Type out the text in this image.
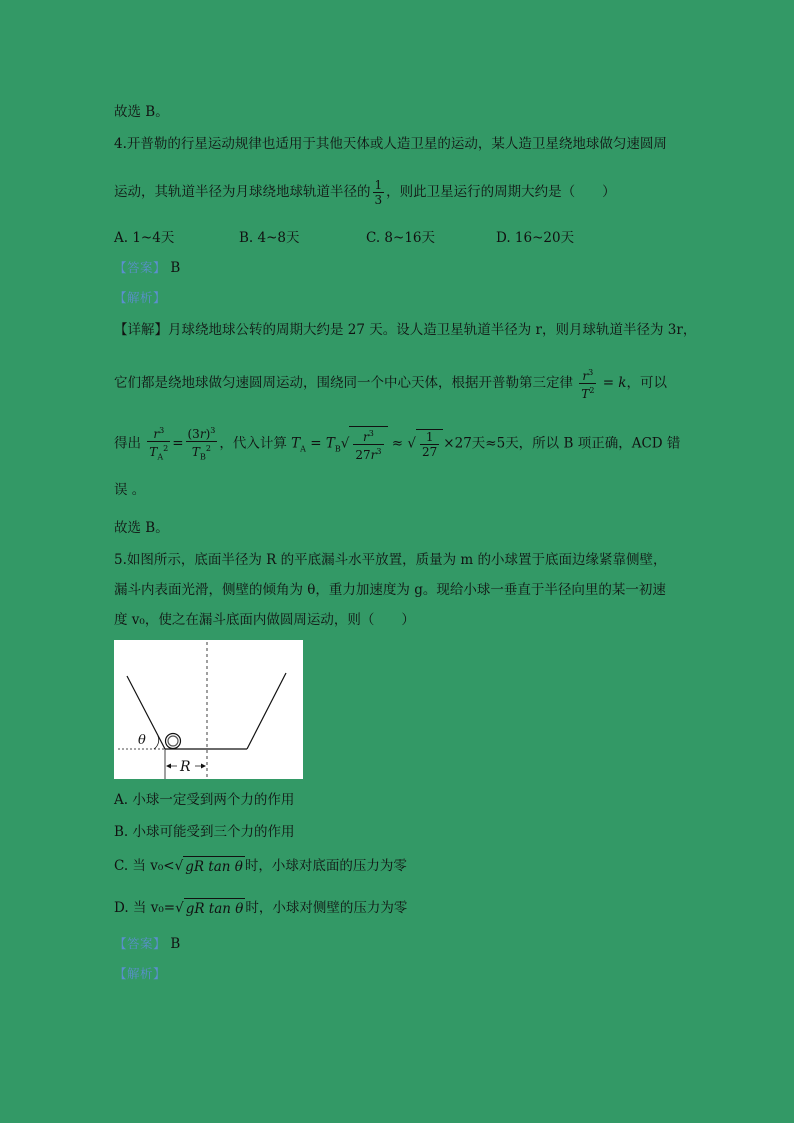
故选 B。
4.开普勒的行星运动规律也适用于其他天体或人造卫星的运动，某人造卫星绕地球做匀速圆周
运动，其轨道半径为月球绕地球轨道半径的 $\frac{1}{3}$ ，则此卫星运行的周期大约是（　　）
A. 1~4天	B. 4~8天	C. 8~16天	D. 16~20天
【答案】 B
【解析】
【详解】月球绕地球公转的周期大约是 27 天。设人造卫星轨道半径为 r，则月球轨道半径为 3r，
它们都是绕地球做匀速圆周运动，围绕同一个中心天体，根据开普勒第三定律 $\frac{r^3}{T^2} = k$，可以
得出 $\frac{r^3}{T_A^2} = \frac{(3r)^3}{T_B^2}$ ，代入计算 $T_A = T_B√ \frac{r^3}{27r^3}$ ≈ √ $\frac{1}{27} \times 27$天≈5天，所以 B 项正确，ACD 错
误 。
故选 B。
5.如图所示，底面半径为 R 的平底漏斗水平放置，质量为 m 的小球置于底面边缘紧靠侧壁，
漏斗内表面光滑，侧壁的倾角为 θ，重力加速度为 g。现给小球一垂直于半径向里的某一初速
度 v₀，使之在漏斗底面内做圆周运动，则（　　）
θ
R
A. 小球一定受到两个力的作用
B. 小球可能受到三个力的作用
C. 当 v₀<√ gR tan θ 时，小球对底面的压力为零
D. 当 v₀=√ gR tan θ 时，小球对侧壁的压力为零
【答案】 B
【解析】
